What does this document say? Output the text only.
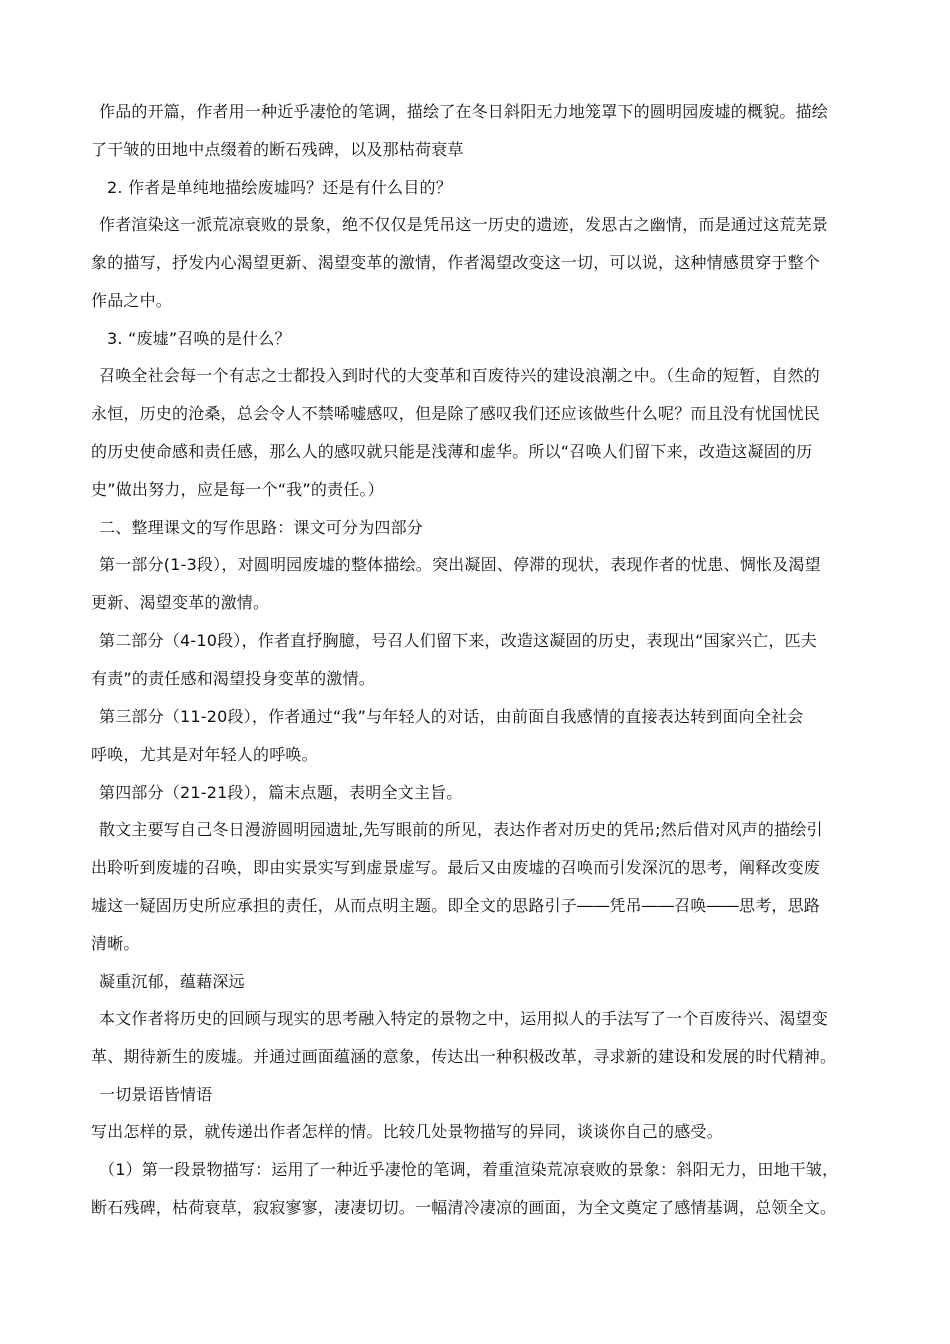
作品的开篇，作者用一种近乎凄怆的笔调，描绘了在冬日斜阳无力地笼罩下的圆明园废墟的概貌。描绘
了干皱的田地中点缀着的断石残碑，以及那枯荷衰草
2. 作者是单纯地描绘废墟吗？还是有什么目的？
作者渲染这一派荒凉衰败的景象，绝不仅仅是凭吊这一历史的遗迹，发思古之幽情，而是通过这荒芜景
象的描写，抒发内心渴望更新、渴望变革的激情，作者渴望改变这一切，可以说，这种情感贯穿于整个
作品之中。
3. “废墟”召唤的是什么？
召唤全社会每一个有志之士都投入到时代的大变革和百废待兴的建设浪潮之中。（生命的短暂，自然的
永恒，历史的沧桑，总会令人不禁唏嘘感叹，但是除了感叹我们还应该做些什么呢？而且没有忧国忧民
的历史使命感和责任感，那么人的感叹就只能是浅薄和虚华。所以“召唤人们留下来，改造这凝固的历
史”做出努力，应是每一个“我”的责任。）
二、整理课文的写作思路：课文可分为四部分
第一部分(1-3段），对圆明园废墟的整体描绘。突出凝固、停滞的现状，表现作者的忧患、惆怅及渴望
更新、渴望变革的激情。
第二部分（4-10段），作者直抒胸臆，号召人们留下来，改造这凝固的历史，表现出“国家兴亡，匹夫
有责”的责任感和渴望投身变革的激情。
第三部分（11-20段），作者通过“我”与年轻人的对话，由前面自我感情的直接表达转到面向全社会
呼唤，尤其是对年轻人的呼唤。
第四部分（21-21段），篇末点题，表明全文主旨。
散文主要写自己冬日漫游圆明园遗址,先写眼前的所见，表达作者对历史的凭吊;然后借对风声的描绘引
出聆听到废墟的召唤，即由实景实写到虚景虚写。最后又由废墟的召唤而引发深沉的思考，阐释改变废
墟这一疑固历史所应承担的责任，从而点明主题。即全文的思路引子――凭吊――召唤――思考，思路
清晰。
凝重沉郁，蕴藉深远
本文作者将历史的回顾与现实的思考融入特定的景物之中，运用拟人的手法写了一个百废待兴、渴望变
革、期待新生的废墟。并通过画面蕴涵的意象，传达出一种积极改革，寻求新的建设和发展的时代精神。
一切景语皆情语
写出怎样的景，就传递出作者怎样的情。比较几处景物描写的异同，谈谈你自己的感受。
（1）第一段景物描写：运用了一种近乎凄怆的笔调，着重渲染荒凉衰败的景象：斜阳无力，田地干皱，
断石残碑，枯荷衰草，寂寂寥寥，凄凄切切。一幅清冷凄凉的画面，为全文奠定了感情基调，总领全文。
